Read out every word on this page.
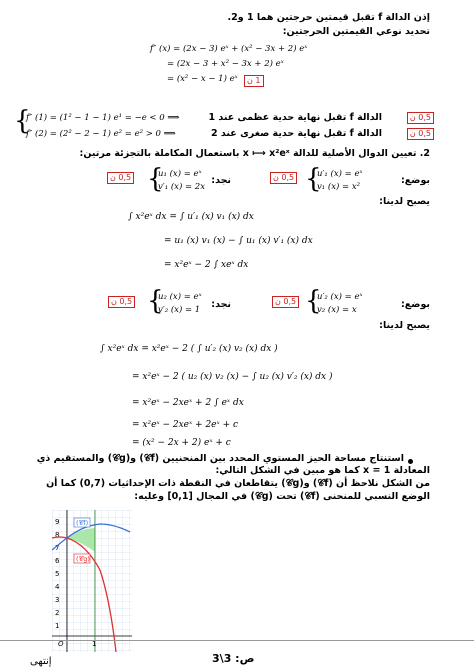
إذن الدالة f تقبل قيمتين حرجتين هما 1 و2.
تحديد نوعي القيمتين الحرجتين:
f″ (x) = (2x − 3) eˣ + (x² − 3x + 2) eˣ
= (2x − 3 + x² − 3x + 2) eˣ
= (x² − x − 1) eˣ	1 ن
{
f″ (1) = (1² − 1 − 1) e¹ = −e < 0 ⟹	الدالة f تقبل نهاية حدية عظمى عند 1	0,5 ن
f″ (2) = (2² − 2 − 1) e² = e² > 0 ⟹	الدالة f تقبل نهاية حدية صغرى عند 2	0,5 ن
2. تعيين الدوال الأصلية للدالة x ⟼ x²eˣ باستعمال المكاملة بالتجزئة مرتين:
بوضع:
{
u′₁ (x) = eˣ
v₁ (x) = x²
0,5 ن
نجد:
{
u₁ (x) = eˣ
v′₁ (x) = 2x
0,5 ن
يصبح لدينا:
∫ x²eˣ dx = ∫ u′₁ (x) v₁ (x) dx
= u₁ (x) v₁ (x) − ∫ u₁ (x) v′₁ (x) dx
= x²eˣ − 2 ∫ xeˣ dx
بوضع:
{
u′₂ (x) = eˣ
v₂ (x) = x
0,5 ن
نجد:
{
u₂ (x) = eˣ
v′₂ (x) = 1
0,5 ن
يصبح لدينا:
∫ x²eˣ dx = x²eˣ − 2 ( ∫ u′₂ (x) v₂ (x) dx )
= x²eˣ − 2 ( u₂ (x) v₂ (x) − ∫ u₂ (x) v′₂ (x) dx )
= x²eˣ − 2xeˣ + 2 ∫ eˣ dx
= x²eˣ − 2xeˣ + 2eˣ + c
= (x² − 2x + 2) eˣ + c
استنتاج مساحة الحيز المستوي المحدد بين المنحنيين (𝒞f) و(𝒞g) والمستقيم ذي
المعادلة x = 1 كما هو مبين في الشكل التالي:
من الشكل نلاحظ أن (𝒞f) و(𝒞g) يتقاطعان في النقطة ذات الإحداثيات (0,7) كما أن
الوضع النسبي للمنحنى (𝒞f) تحت (𝒞g) في المجال [0,1] وعليه:
9
8
7
6
5
4
3
2
1
O	1
(𝒞f)
(𝒞g)
إنتهى	ص: 3\3
